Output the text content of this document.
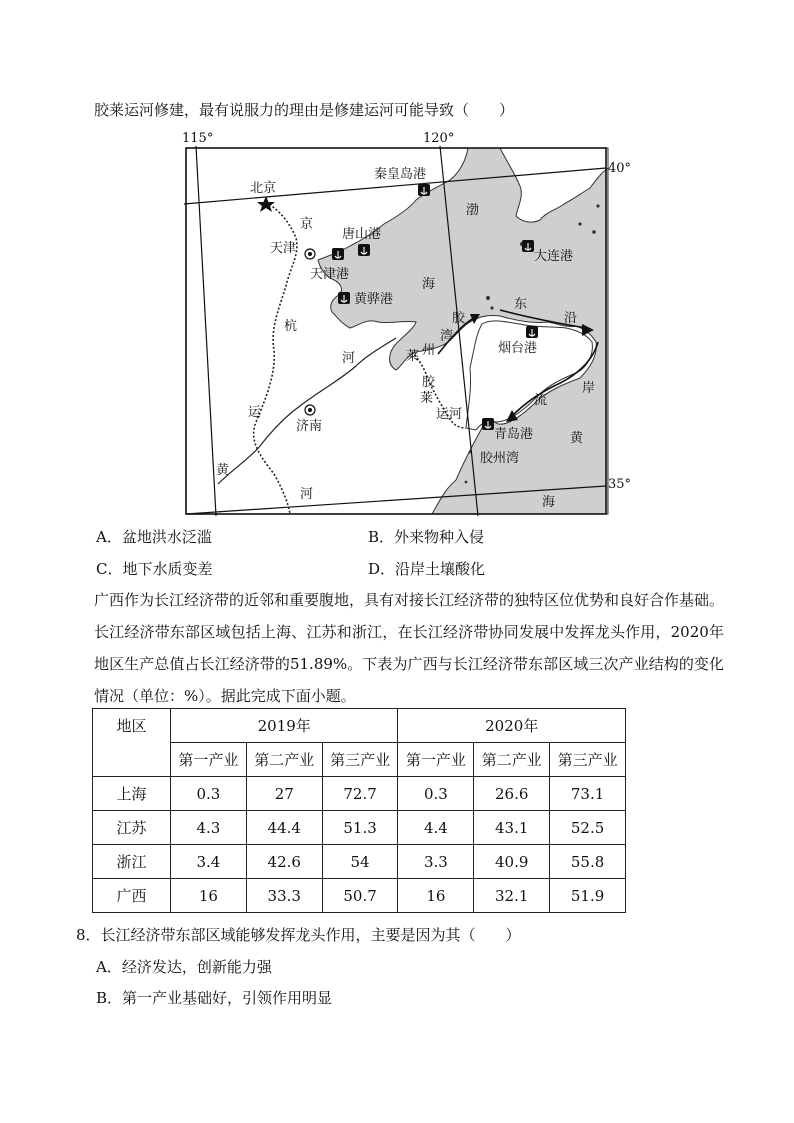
胶莱运河修建，最有说服力的理由是修建运河可能导致（　　）
115°	120°
40°
35°
北京
天津
济南
秦皇岛港
唐山港
天津港
黄骅港
大连港
烟台港
青岛港
胶州湾
渤
海
黄
海
莱 州
湾
胶
东
沿
岸
流
京
杭
运
河
黄
河
胶
莱
运河
A．盆地洪水泛滥	B．外来物种入侵
C．地下水质变差	D．沿岸土壤酸化
广西作为长江经济带的近邻和重要腹地，具有对接长江经济带的独特区位优势和良好合作基础。长江经济带东部区域包括上海、江苏和浙江，在长江经济带协同发展中发挥龙头作用，2020年地区生产总值占长江经济带的51.89%。下表为广西与长江经济带东部区域三次产业结构的变化情况（单位：%）。据此完成下面小题。
地区	2019年			2020年		
	第一产业	第二产业	第三产业	第一产业	第二产业	第三产业
上海	0.3	27	72.7	0.3	26.6	73.1
江苏	4.3	44.4	51.3	4.4	43.1	52.5
浙江	3.4	42.6	54	3.3	40.9	55.8
广西	16	33.3	50.7	16	32.1	51.9
8．长江经济带东部区域能够发挥龙头作用，主要是因为其（　　）
A．经济发达，创新能力强
B．第一产业基础好，引领作用明显
